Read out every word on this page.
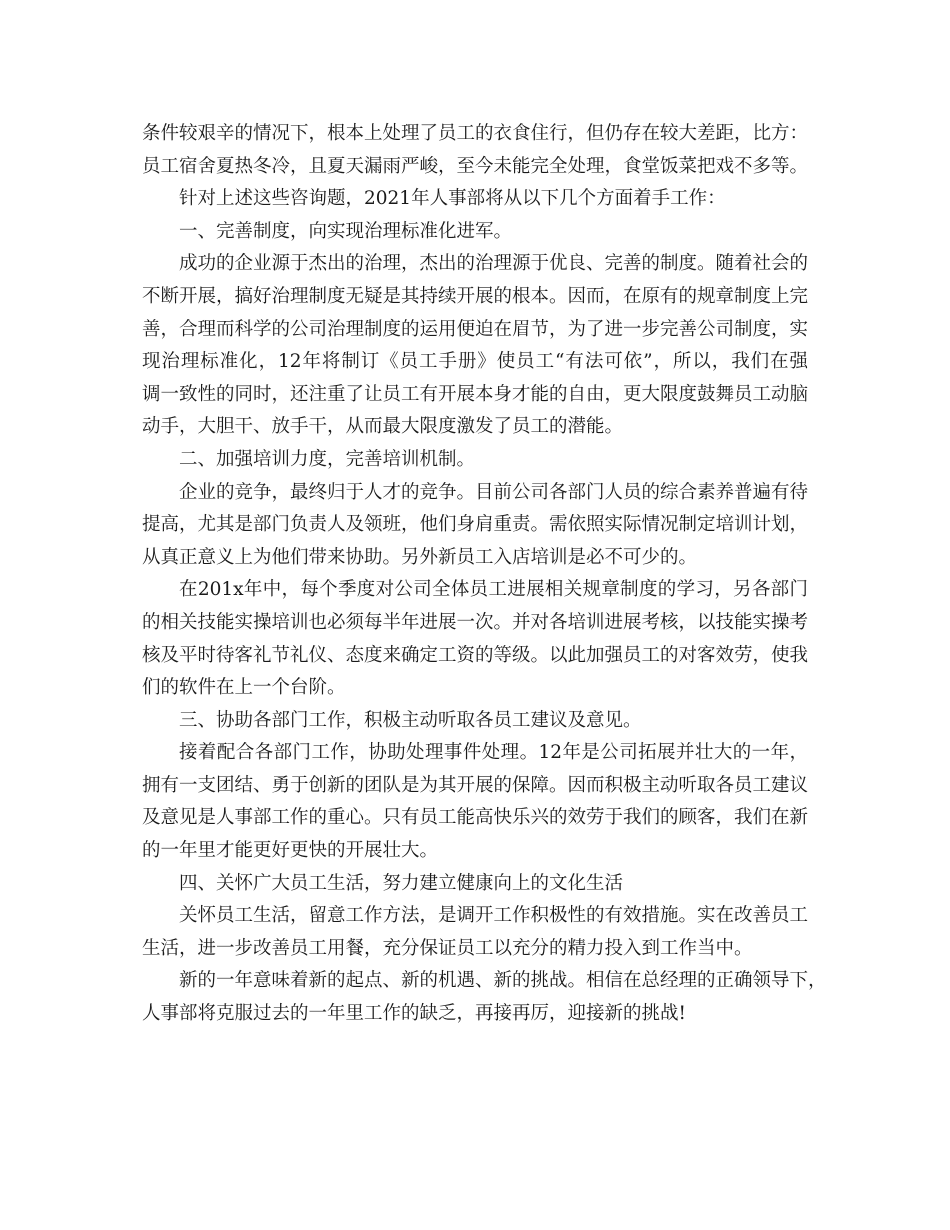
条件较艰辛的情况下，根本上处理了员工的衣食住行，但仍存在较大差距，比方：
员工宿舍夏热冬冷，且夏天漏雨严峻，至今未能完全处理，食堂饭菜把戏不多等。
针对上述这些咨询题，2021年人事部将从以下几个方面着手工作：
一、完善制度，向实现治理标准化进军。
成功的企业源于杰出的治理，杰出的治理源于优良、完善的制度。随着社会的
不断开展，搞好治理制度无疑是其持续开展的根本。因而，在原有的规章制度上完
善，合理而科学的公司治理制度的运用便迫在眉节，为了进一步完善公司制度，实
现治理标准化，12年将制订《员工手册》使员工“有法可依”，所以，我们在强
调一致性的同时，还注重了让员工有开展本身才能的自由，更大限度鼓舞员工动脑
动手，大胆干、放手干，从而最大限度激发了员工的潜能。
二、加强培训力度，完善培训机制。
企业的竞争，最终归于人才的竞争。目前公司各部门人员的综合素养普遍有待
提高，尤其是部门负责人及领班，他们身肩重责。需依照实际情况制定培训计划，
从真正意义上为他们带来协助。另外新员工入店培训是必不可少的。
在201x年中，每个季度对公司全体员工进展相关规章制度的学习，另各部门
的相关技能实操培训也必须每半年进展一次。并对各培训进展考核，以技能实操考
核及平时待客礼节礼仪、态度来确定工资的等级。以此加强员工的对客效劳，使我
们的软件在上一个台阶。
三、协助各部门工作，积极主动听取各员工建议及意见。
接着配合各部门工作，协助处理事件处理。12年是公司拓展并壮大的一年，
拥有一支团结、勇于创新的团队是为其开展的保障。因而积极主动听取各员工建议
及意见是人事部工作的重心。只有员工能高快乐兴的效劳于我们的顾客，我们在新
的一年里才能更好更快的开展壮大。
四、关怀广大员工生活，努力建立健康向上的文化生活
关怀员工生活，留意工作方法，是调开工作积极性的有效措施。实在改善员工
生活，进一步改善员工用餐，充分保证员工以充分的精力投入到工作当中。
新的一年意味着新的起点、新的机遇、新的挑战。相信在总经理的正确领导下，
人事部将克服过去的一年里工作的缺乏，再接再厉，迎接新的挑战!
